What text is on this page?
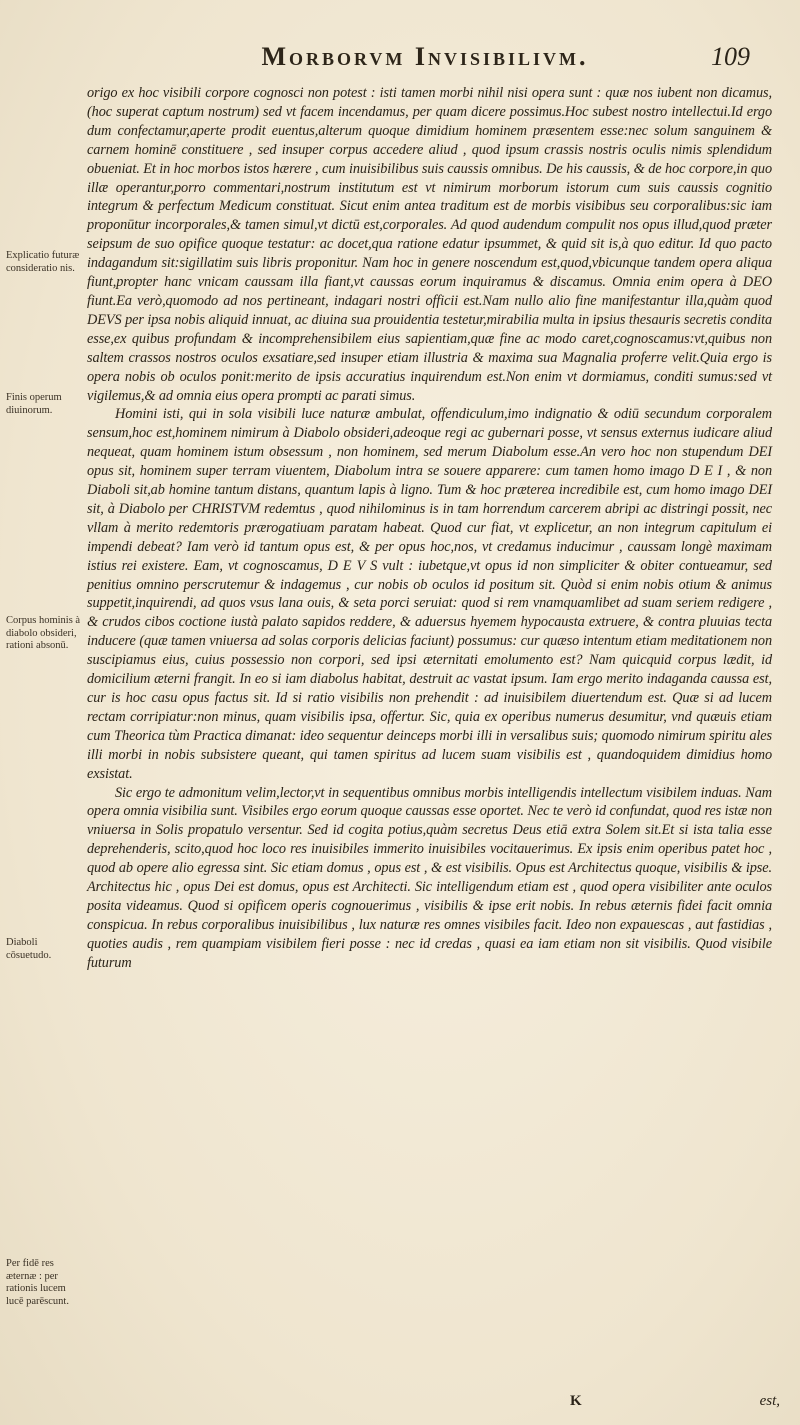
Morborvm Invisibilivm.	109

origo ex hoc visibili corpore cognosci non potest : isti tamen morbi nihil nisi opera sunt : quæ nos iubent non dicamus,(hoc superat captum nostrum) sed vt facem incendamus, per quam dicere possimus.Hoc subest nostro intellectui.Id ergo dum confectamur,aperte prodit euentus,alterum quoque dimidium hominem præsentem esse:nec solum sanguinem & carnem hominē constituere , sed insuper corpus accedere aliud , quod ipsum crassis nostris oculis nimis splendidum obueniat. Et in hoc morbos istos hærere , cum inuisibilibus suis caussis omnibus. De his caussis, & de hoc corpore,in quo illæ operantur,porro commentari,nostrum institutum est vt nimirum morborum istorum cum suis caussis cognitio integrum & perfectum Medicum constituat. Sicut enim antea traditum est de morbis visibibus seu corporalibus:sic iam proponūtur incorporales,& tamen simul,vt dictū est,corporales. Ad quod audendum compulit nos opus illud,quod præter seipsum de suo opifice quoque testatur: ac docet,qua ratione edatur ipsummet, & quid sit is,à quo editur. Id quo pacto indagandum sit:sigillatim suis libris proponitur. Nam hoc in genere noscendum est,quod,vbicunque tandem opera aliqua fiunt,propter hanc vnicam caussam illa fiant,vt caussas eorum inquiramus & discamus. Omnia enim opera à DEO fiunt.Ea verò,quomodo ad nos pertineant, indagari nostri officii est.Nam nullo alio fine manifestantur illa,quàm quod DEVS per ipsa nobis aliquid innuat, ac diuina sua prouidentia testetur,mirabilia multa in ipsius thesauris secretis condita esse,ex quibus profundam & incomprehensibilem eius sapientiam,quæ fine ac modo caret,cognoscamus:vt,quibus non saltem crassos nostros oculos exsatiare,sed insuper etiam illustria & maxima sua Magnalia proferre velit.Quia ergo is opera nobis ob oculos ponit:merito de ipsis accuratius inquirendum est.Non enim vt dormiamus, conditi sumus:sed vt vigilemus,& ad omnia eius opera prompti ac parati simus.

Homini isti, qui in sola visibili luce naturæ ambulat, offendiculum,imo indignatio & odiū secundum corporalem sensum,hoc est,hominem nimirum à Diabolo obsideri,adeoque regi ac gubernari posse, vt sensus externus iudicare aliud nequeat, quam hominem istum obsessum , non hominem, sed merum Diabolum esse.An vero hoc non stupendum DEI opus sit, hominem super terram viuentem, Diabolum intra se souere apparere: cum tamen homo imago D E I , & non Diaboli sit,ab homine tantum distans, quantum lapis à ligno. Tum & hoc præterea incredibile est, cum homo imago DEI sit, à Diabolo per CHRISTVM redemtus , quod nihilominus is in tam horrendum carcerem abripi ac distringi possit, nec vllam à merito redemtoris prærogatiuam paratam habeat. Quod cur fiat, vt explicetur, an non integrum capitulum ei impendi debeat? Iam verò id tantum opus est, & per opus hoc,nos, vt credamus inducimur , caussam longè maximam istius rei existere. Eam, vt cognoscamus, D E V S vult : iubetque,vt opus id non simpliciter & obiter contueamur, sed penitius omnino perscrutemur & indagemus , cur nobis ob oculos id positum sit. Quòd si enim nobis otium & animus suppetit,inquirendi, ad quos vsus lana ouis, & seta porci seruiat: quod si rem vnamquamlibet ad suam seriem redigere , & crudos cibos coctione iustà palato sapidos reddere, & aduersus hyemem hypocausta extruere, & contra pluuias tecta inducere (quæ tamen vniuersa ad solas corporis delicias faciunt) possumus: cur quæso intentum etiam meditationem non suscipiamus eius, cuius possessio non corpori, sed ipsi æternitati emolumento est? Nam quicquid corpus lædit, id domicilium æterni frangit. In eo si iam diabolus habitat, destruit ac vastat ipsum. Iam ergo merito indaganda caussa est, cur is hoc casu opus factus sit. Id si ratio visibilis non prehendit : ad inuisibilem diuertendum est. Quæ si ad lucem rectam corripiatur:non minus, quam visibilis ipsa, offertur. Sic, quia ex operibus numerus desumitur, vnd quæuis etiam cum Theorica tùm Practica dimanat: ideo sequentur deinceps morbi illi in versalibus suis; quomodo nimirum spiritu ales illi morbi in nobis subsistere queant, qui tamen spiritus ad lucem suam visibilis est , quandoquidem dimidius homo exsistat.

Sic ergo te admonitum velim,lector,vt in sequentibus omnibus morbis intelligendis intellectum visibilem induas. Nam opera omnia visibilia sunt. Visibiles ergo eorum quoque caussas esse oportet. Nec te verò id confundat, quod res istæ non vniuersa in Solis propatulo versentur. Sed id cogita potius,quàm secretus Deus etiā extra Solem sit.Et si ista talia esse deprehenderis, scito,quod hoc loco res inuisibiles immerito inuisibiles vocitauerimus. Ex ipsis enim operibus patet hoc , quod ab opere alio egressa sint. Sic etiam domus , opus est , & est visibilis. Opus est Architectus quoque, visibilis & ipse. Architectus hic , opus Dei est domus, opus est Architecti. Sic intelligendum etiam est , quod opera visibiliter ante oculos posita videamus. Quod si opificem operis cognouerimus , visibilis & ipse erit nobis. In rebus æternis fidei facit omnia conspicua. In rebus corporalibus inuisibilibus , lux naturæ res omnes visibiles facit. Ideo non expauescas , aut fastidias , quoties audis , rem quampiam visibilem fieri posse : nec id credas , quasi ea iam etiam non sit visibilis. Quod visibile futurum

Explicatio futuræ consideratio nis.
Finis operum diuinorum.
Corpus hominis à diabolo obsideri, rationi absonū.
Diaboli cōsuetudo.
Per fidē res æternæ : per rationis lucem lucē parēscunt.
K	est,
